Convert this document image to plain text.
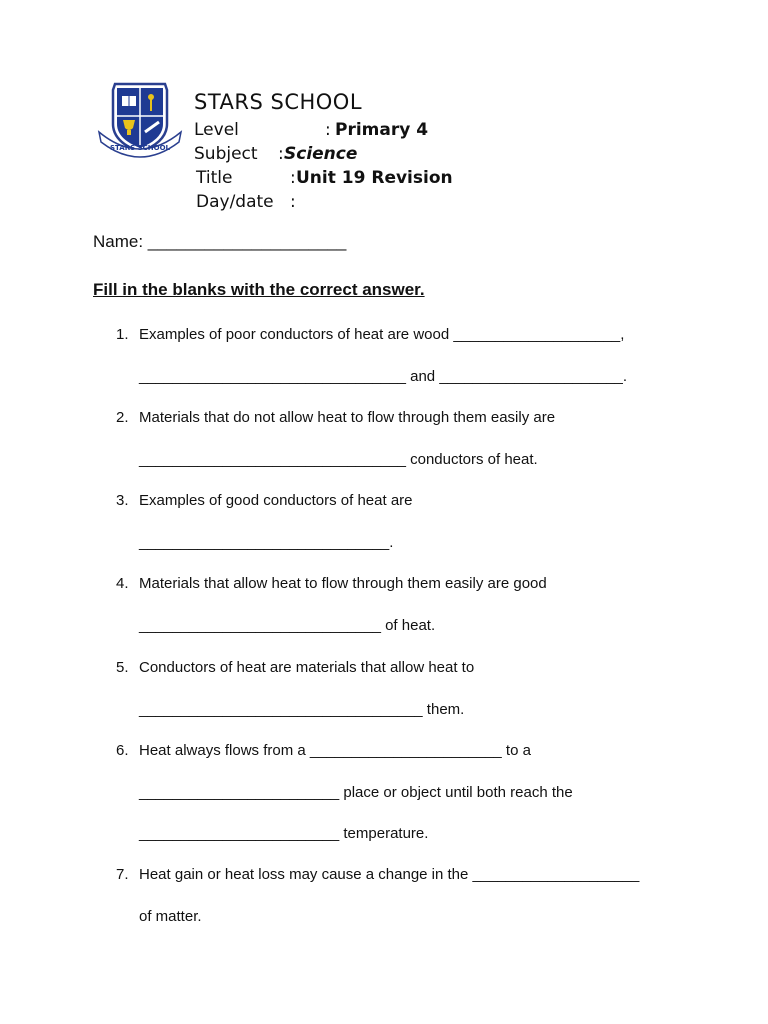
STARS SCHOOL
STARS SCHOOL
Level	: Primary 4
Subject : Science
Title	: Unit 19 Revision
Day/date :
Name: _____________________
Fill in the blanks with the correct answer.
1. Examples of poor conductors of heat are wood ____________________,
________________________________ and ______________________.
2. Materials that do not allow heat to flow through them easily are
________________________________ conductors of heat.
3. Examples of good conductors of heat are
______________________________.
4. Materials that allow heat to flow through them easily are good
_____________________________ of heat.
5. Conductors of heat are materials that allow heat to
__________________________________ them.
6. Heat always flows from a _______________________ to a
________________________ place or object until both reach the
________________________ temperature.
7. Heat gain or heat loss may cause a change in the ____________________
of matter.
